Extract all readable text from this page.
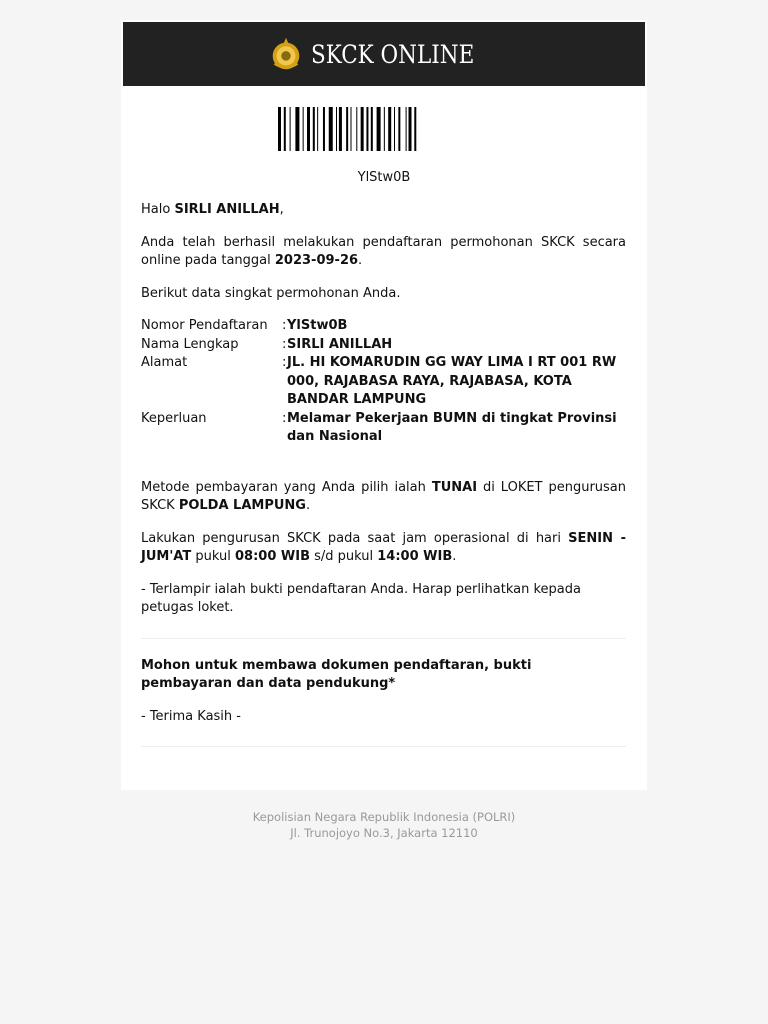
SKCK ONLINE
YlStw0B

Halo SIRLI ANILLAH,

Anda telah berhasil melakukan pendaftaran permohonan SKCK secara online pada tanggal 2023-09-26.

Berikut data singkat permohonan Anda.

Nomor Pendaftaran	: YlStw0B
Nama Lengkap	: SIRLI ANILLAH
Alamat	: JL. HI KOMARUDIN GG WAY LIMA I RT 001 RW 000, RAJABASA RAYA, RAJABASA, KOTA BANDAR LAMPUNG
Keperluan	: Melamar Pekerjaan BUMN di tingkat Provinsi dan Nasional

Metode pembayaran yang Anda pilih ialah TUNAI di LOKET pengurusan SKCK POLDA LAMPUNG.

Lakukan pengurusan SKCK pada saat jam operasional di hari SENIN - JUM'AT pukul 08:00 WIB s/d pukul 14:00 WIB.

- Terlampir ialah bukti pendaftaran Anda. Harap perlihatkan kepada petugas loket.

Mohon untuk membawa dokumen pendaftaran, bukti pembayaran dan data pendukung*

- Terima Kasih -

Kepolisian Negara Republik Indonesia (POLRI)
Jl. Trunojoyo No.3, Jakarta 12110
